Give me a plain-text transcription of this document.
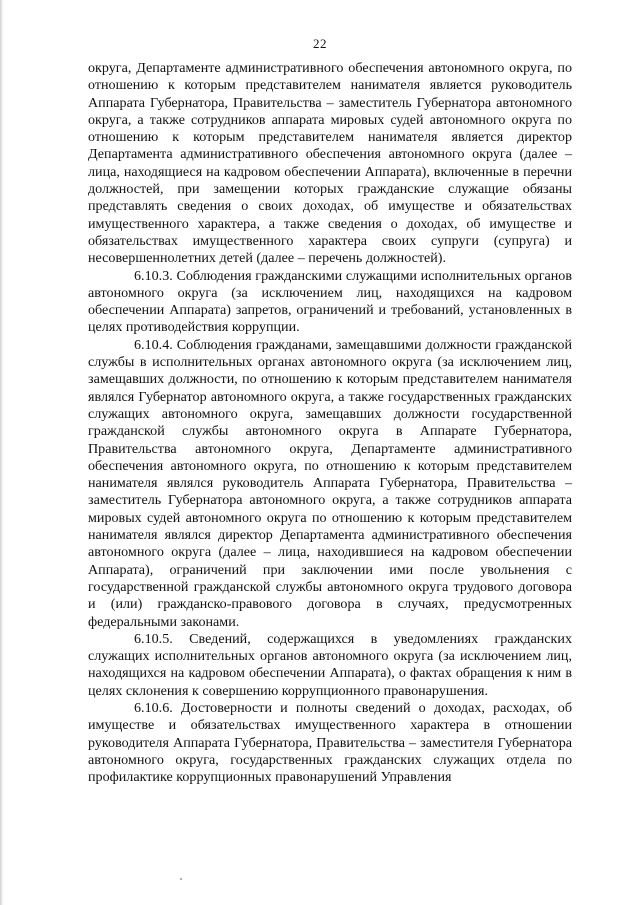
22

округа, Департаменте административного обеспечения автономного округа, по отношению к которым представителем нанимателя является руководитель Аппарата Губернатора, Правительства – заместитель Губернатора автономного округа, а также сотрудников аппарата мировых судей автономного округа по отношению к которым представителем нанимателя является директор Департамента административного обеспечения автономного округа (далее – лица, находящиеся на кадровом обеспечении Аппарата), включенные в перечни должностей, при замещении которых гражданские служащие обязаны представлять сведения о своих доходах, об имуществе и обязательствах имущественного характера, а также сведения о доходах, об имуществе и обязательствах имущественного характера своих супруги (супруга) и несовершеннолетних детей (далее – перечень должностей).

6.10.3. Соблюдения гражданскими служащими исполнительных органов автономного округа (за исключением лиц, находящихся на кадровом обеспечении Аппарата) запретов, ограничений и требований, установленных в целях противодействия коррупции.

6.10.4. Соблюдения гражданами, замещавшими должности гражданской службы в исполнительных органах автономного округа (за исключением лиц, замещавших должности, по отношению к которым представителем нанимателя являлся Губернатор автономного округа, а также государственных гражданских служащих автономного округа, замещавших должности государственной гражданской службы автономного округа в Аппарате Губернатора, Правительства автономного округа, Департаменте административного обеспечения автономного округа, по отношению к которым представителем нанимателя являлся руководитель Аппарата Губернатора, Правительства – заместитель Губернатора автономного округа, а также сотрудников аппарата мировых судей автономного округа по отношению к которым представителем нанимателя являлся директор Департамента административного обеспечения автономного округа (далее – лица, находившиеся на кадровом обеспечении Аппарата), ограничений при заключении ими после увольнения с государственной гражданской службы автономного округа трудового договора и (или) гражданско-правового договора в случаях, предусмотренных федеральными законами.

6.10.5. Сведений, содержащихся в уведомлениях гражданских служащих исполнительных органов автономного округа (за исключением лиц, находящихся на кадровом обеспечении Аппарата), о фактах обращения к ним в целях склонения к совершению коррупционного правонарушения.

6.10.6. Достоверности и полноты сведений о доходах, расходах, об имуществе и обязательствах имущественного характера в отношении руководителя Аппарата Губернатора, Правительства – заместителя Губернатора автономного округа, государственных гражданских служащих отдела по профилактике коррупционных правонарушений Управления
